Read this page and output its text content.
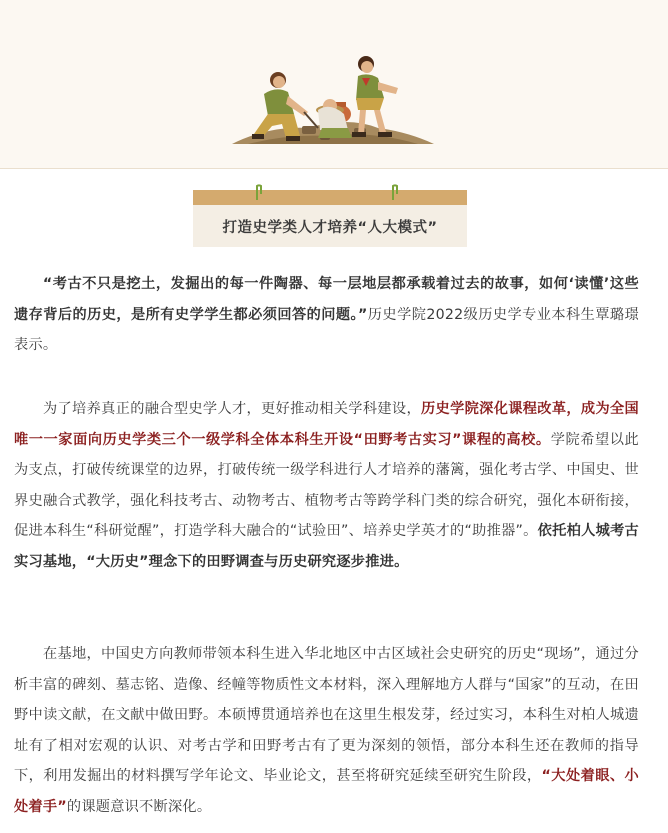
打造史学类人才培养“人大模式”

  “考古不只是挖土，发掘出的每一件陶器、每一层地层都承载着过去的故事，如何‘读懂’这些遗存背后的历史，是所有史学学生都必须回答的问题。”历史学院2022级历史学专业本科生覃璐璟表示。

  为了培养真正的融合型史学人才，更好推动相关学科建设，历史学院深化课程改革，成为全国唯一一家面向历史学类三个一级学科全体本科生开设“田野考古实习”课程的高校。学院希望以此为支点，打破传统课堂的边界，打破传统一级学科进行人才培养的藩篱，强化考古学、中国史、世界史融合式教学，强化科技考古、动物考古、植物考古等跨学科门类的综合研究，强化本研衔接，促进本科生“科研觉醒”，打造学科大融合的“试验田”、培养史学英才的“助推器”。依托柏人城考古实习基地，“大历史”理念下的田野调查与历史研究逐步推进。

  在基地，中国史方向教师带领本科生进入华北地区中古区域社会史研究的历史“现场”，通过分析丰富的碑刻、墓志铭、造像、经幢等物质性文本材料，深入理解地方人群与“国家”的互动，在田野中读文献，在文献中做田野。本硕博贯通培养也在这里生根发芽，经过实习，本科生对柏人城遗址有了相对宏观的认识、对考古学和田野考古有了更为深刻的领悟，部分本科生还在教师的指导下，利用发掘出的材料撰写学年论文、毕业论文，甚至将研究延续至研究生阶段，“大处着眼、小处着手”的课题意识不断深化。
